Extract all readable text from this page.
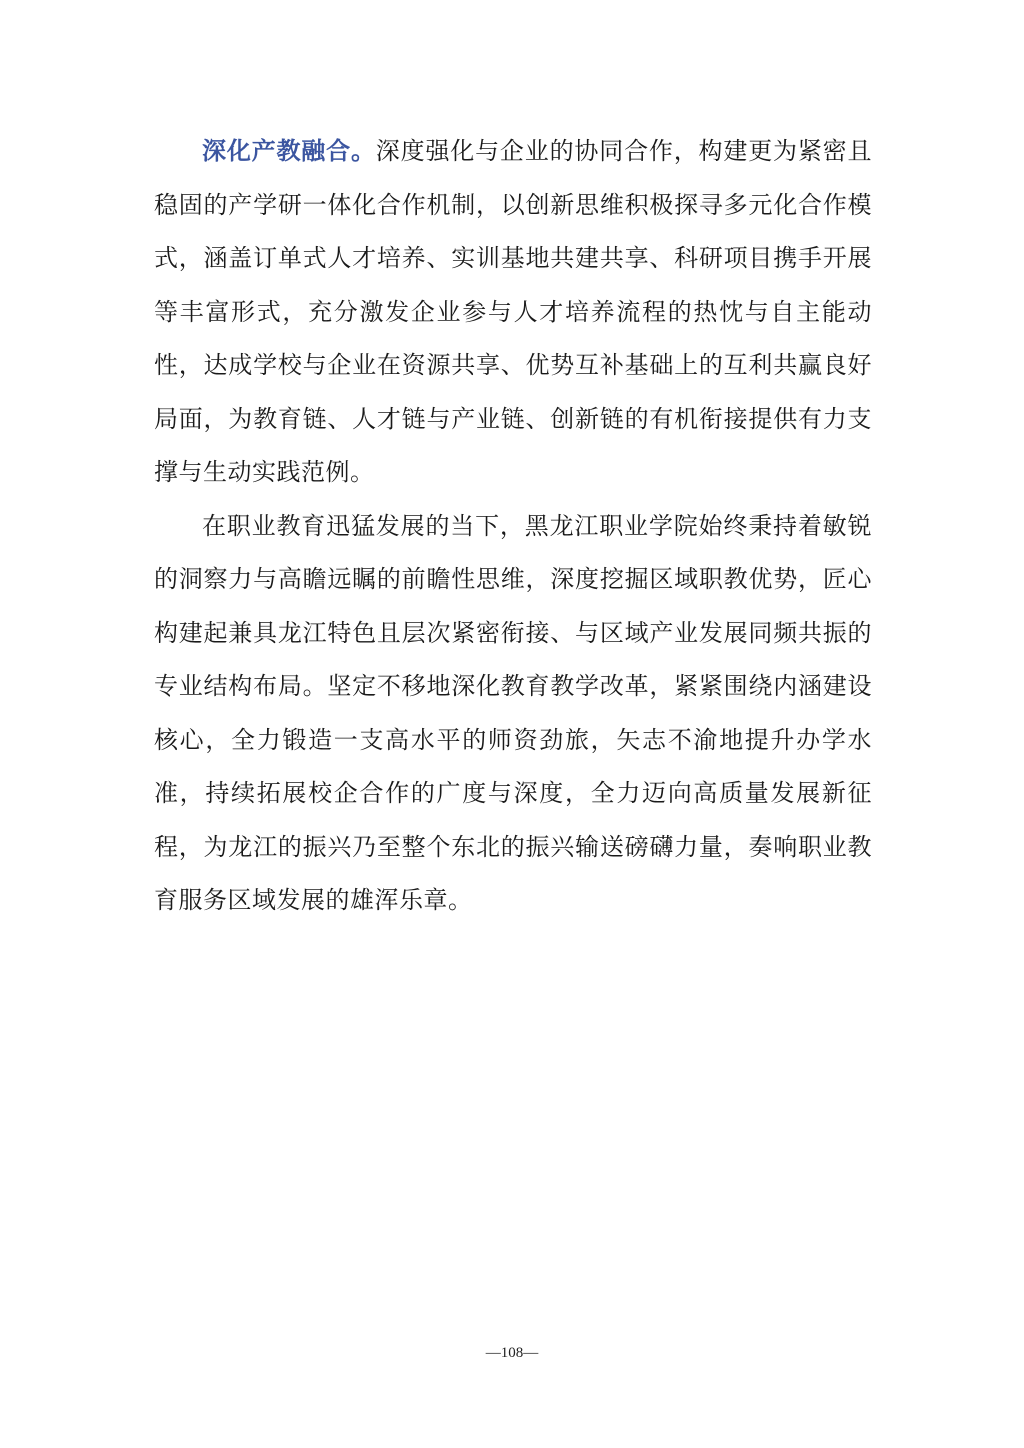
深化产教融合。深度强化与企业的协同合作，构建更为紧密且稳固的产学研一体化合作机制，以创新思维积极探寻多元化合作模式，涵盖订单式人才培养、实训基地共建共享、科研项目携手开展等丰富形式，充分激发企业参与人才培养流程的热忱与自主能动性，达成学校与企业在资源共享、优势互补基础上的互利共赢良好局面，为教育链、人才链与产业链、创新链的有机衔接提供有力支撑与生动实践范例。

在职业教育迅猛发展的当下，黑龙江职业学院始终秉持着敏锐的洞察力与高瞻远瞩的前瞻性思维，深度挖掘区域职教优势，匠心构建起兼具龙江特色且层次紧密衔接、与区域产业发展同频共振的专业结构布局。坚定不移地深化教育教学改革，紧紧围绕内涵建设核心，全力锻造一支高水平的师资劲旅，矢志不渝地提升办学水准，持续拓展校企合作的广度与深度，全力迈向高质量发展新征程，为龙江的振兴乃至整个东北的振兴输送磅礴力量，奏响职业教育服务区域发展的雄浑乐章。

—108—
